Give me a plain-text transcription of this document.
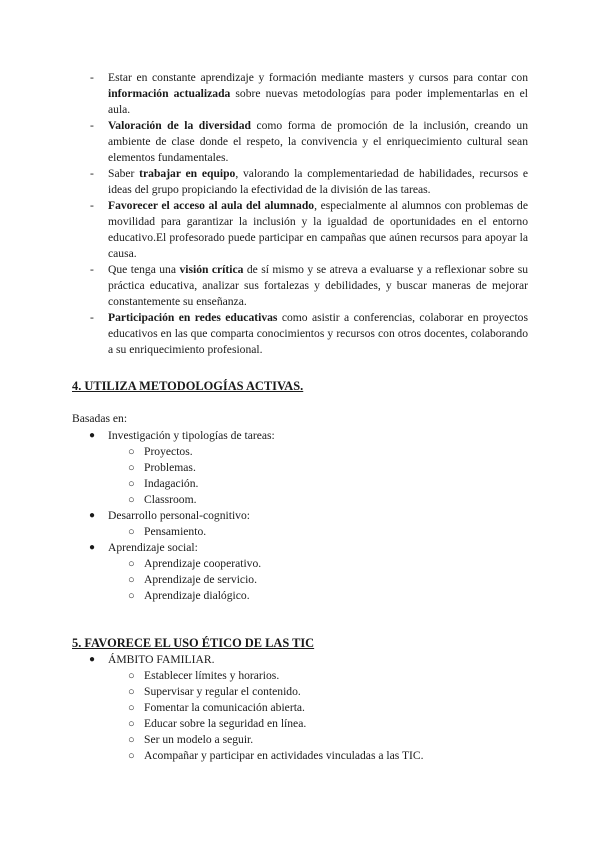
- Estar en constante aprendizaje y formación mediante masters y cursos para contar con información actualizada sobre nuevas metodologías para poder implementarlas en el aula.
- Valoración de la diversidad como forma de promoción de la inclusión, creando un ambiente de clase donde el respeto, la convivencia y el enriquecimiento cultural sean elementos fundamentales.
- Saber trabajar en equipo, valorando la complementariedad de habilidades, recursos e ideas del grupo propiciando la efectividad de la división de las tareas.
- Favorecer el acceso al aula del alumnado, especialmente al alumnos con problemas de movilidad para garantizar la inclusión y la igualdad de oportunidades en el entorno educativo.El profesorado puede participar en campañas que aúnen recursos para apoyar la causa.
- Que tenga una visión crítica de sí mismo y se atreva a evaluarse y a reflexionar sobre su práctica educativa, analizar sus fortalezas y debilidades, y buscar maneras de mejorar constantemente su enseñanza.
- Participación en redes educativas como asistir a conferencias, colaborar en proyectos educativos en las que comparta conocimientos y recursos con otros docentes, colaborando a su enriquecimiento profesional.
4. UTILIZA METODOLOGÍAS ACTIVAS.
Basadas en:
● Investigación y tipologías de tareas:
○ Proyectos.
○ Problemas.
○ Indagación.
○ Classroom.
● Desarrollo personal-cognitivo:
○ Pensamiento.
● Aprendizaje social:
○ Aprendizaje cooperativo.
○ Aprendizaje de servicio.
○ Aprendizaje dialógico.
5. FAVORECE EL USO ÉTICO DE LAS TIC
● ÁMBITO FAMILIAR.
○ Establecer límites y horarios.
○ Supervisar y regular el contenido.
○ Fomentar la comunicación abierta.
○ Educar sobre la seguridad en línea.
○ Ser un modelo a seguir.
○ Acompañar y participar en actividades vinculadas a las TIC.
